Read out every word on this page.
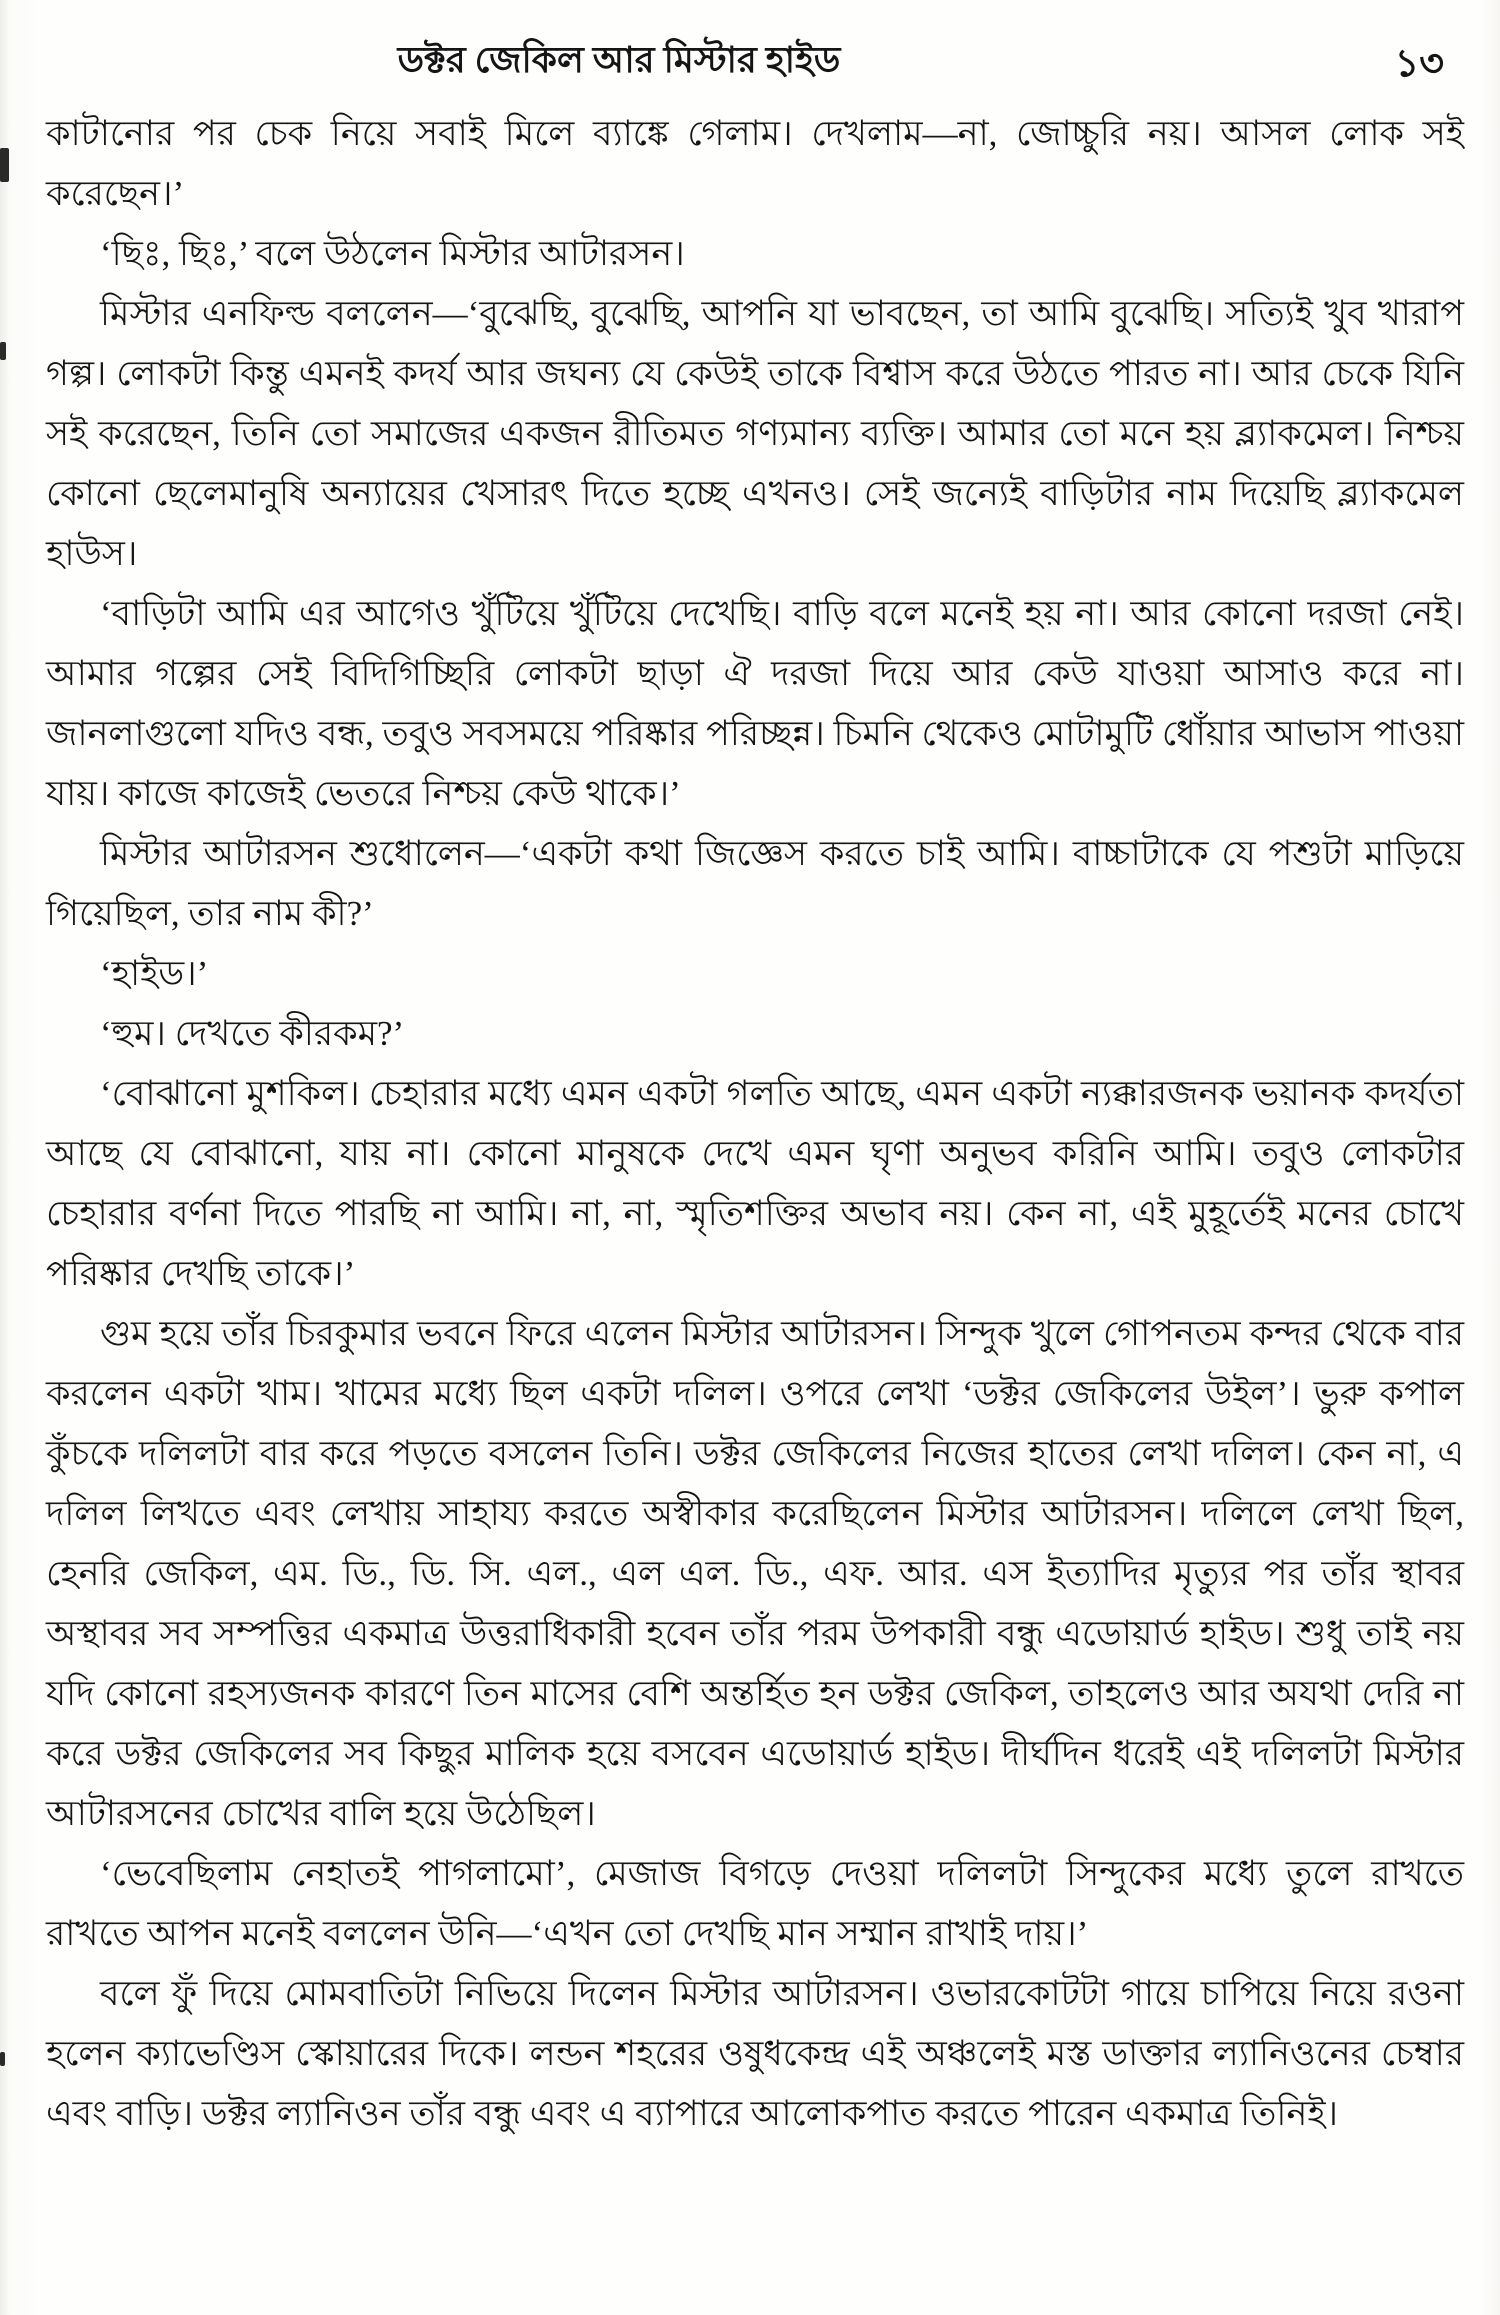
ডক্টর জেকিল আর মিস্টার হাইড	১৩

কাটানোর পর চেক নিয়ে সবাই মিলে ব্যাঙ্কে গেলাম। দেখলাম—না, জোচ্চুরি নয়। আসল লোক সই করেছেন।’

‘ছিঃ, ছিঃ,’ বলে উঠলেন মিস্টার আটারসন।

মিস্টার এনফিল্ড বললেন—‘বুঝেছি, বুঝেছি, আপনি যা ভাবছেন, তা আমি বুঝেছি। সত্যিই খুব খারাপ গল্প। লোকটা কিন্তু এমনই কদর্য আর জঘন্য যে কেউই তাকে বিশ্বাস করে উঠতে পারত না। আর চেকে যিনি সই করেছেন, তিনি তো সমাজের একজন রীতিমত গণ্যমান্য ব্যক্তি। আমার তো মনে হয় ব্ল্যাকমেল। নিশ্চয় কোনো ছেলেমানুষি অন্যায়ের খেসারৎ দিতে হচ্ছে এখনও। সেই জন্যেই বাড়িটার নাম দিয়েছি ব্ল্যাকমেল হাউস।

‘বাড়িটা আমি এর আগেও খুঁটিয়ে খুঁটিয়ে দেখেছি। বাড়ি বলে মনেই হয় না। আর কোনো দরজা নেই। আমার গল্পের সেই বিদিগিচ্ছিরি লোকটা ছাড়া ঐ দরজা দিয়ে আর কেউ যাওয়া আসাও করে না। জানলাগুলো যদিও বন্ধ, তবুও সবসময়ে পরিষ্কার পরিচ্ছন্ন। চিমনি থেকেও মোটামুটি ধোঁয়ার আভাস পাওয়া যায়। কাজে কাজেই ভেতরে নিশ্চয় কেউ থাকে।’

মিস্টার আটারসন শুধোলেন—‘একটা কথা জিজ্ঞেস করতে চাই আমি। বাচ্চাটাকে যে পশুটা মাড়িয়ে গিয়েছিল, তার নাম কী?’

‘হাইড।’

‘হুম। দেখতে কীরকম?’

‘বোঝানো মুশকিল। চেহারার মধ্যে এমন একটা গলতি আছে, এমন একটা ন্যক্কারজনক ভয়ানক কদর্যতা আছে যে বোঝানো, যায় না। কোনো মানুষকে দেখে এমন ঘৃণা অনুভব করিনি আমি। তবুও লোকটার চেহারার বর্ণনা দিতে পারছি না আমি। না, না, স্মৃতিশক্তির অভাব নয়। কেন না, এই মুহূর্তেই মনের চোখে পরিষ্কার দেখছি তাকে।’

গুম হয়ে তাঁর চিরকুমার ভবনে ফিরে এলেন মিস্টার আটারসন। সিন্দুক খুলে গোপনতম কন্দর থেকে বার করলেন একটা খাম। খামের মধ্যে ছিল একটা দলিল। ওপরে লেখা ‘ডক্টর জেকিলের উইল’। ভুরু কপাল কুঁচকে দলিলটা বার করে পড়তে বসলেন তিনি। ডক্টর জেকিলের নিজের হাতের লেখা দলিল। কেন না, এ দলিল লিখতে এবং লেখায় সাহায্য করতে অস্বীকার করেছিলেন মিস্টার আটারসন। দলিলে লেখা ছিল, হেনরি জেকিল, এম. ডি., ডি. সি. এল., এল এল. ডি., এফ. আর. এস ইত্যাদির মৃত্যুর পর তাঁর স্থাবর অস্থাবর সব সম্পত্তির একমাত্র উত্তরাধিকারী হবেন তাঁর পরম উপকারী বন্ধু এডোয়ার্ড হাইড। শুধু তাই নয় যদি কোনো রহস্যজনক কারণে তিন মাসের বেশি অন্তর্হিত হন ডক্টর জেকিল, তাহলেও আর অযথা দেরি না করে ডক্টর জেকিলের সব কিছুর মালিক হয়ে বসবেন এডোয়ার্ড হাইড। দীর্ঘদিন ধরেই এই দলিলটা মিস্টার আটারসনের চোখের বালি হয়ে উঠেছিল।

‘ভেবেছিলাম নেহাতই পাগলামো’, মেজাজ বিগড়ে দেওয়া দলিলটা সিন্দুকের মধ্যে তুলে রাখতে রাখতে আপন মনেই বললেন উনি—‘এখন তো দেখছি মান সম্মান রাখাই দায়।’

বলে ফুঁ দিয়ে মোমবাতিটা নিভিয়ে দিলেন মিস্টার আটারসন। ওভারকোটটা গায়ে চাপিয়ে নিয়ে রওনা হলেন ক্যাভেণ্ডিস স্কোয়ারের দিকে। লন্ডন শহরের ওষুধকেন্দ্র এই অঞ্চলেই মস্ত ডাক্তার ল্যানিওনের চেম্বার এবং বাড়ি। ডক্টর ল্যানিওন তাঁর বন্ধু এবং এ ব্যাপারে আলোকপাত করতে পারেন একমাত্র তিনিই।
